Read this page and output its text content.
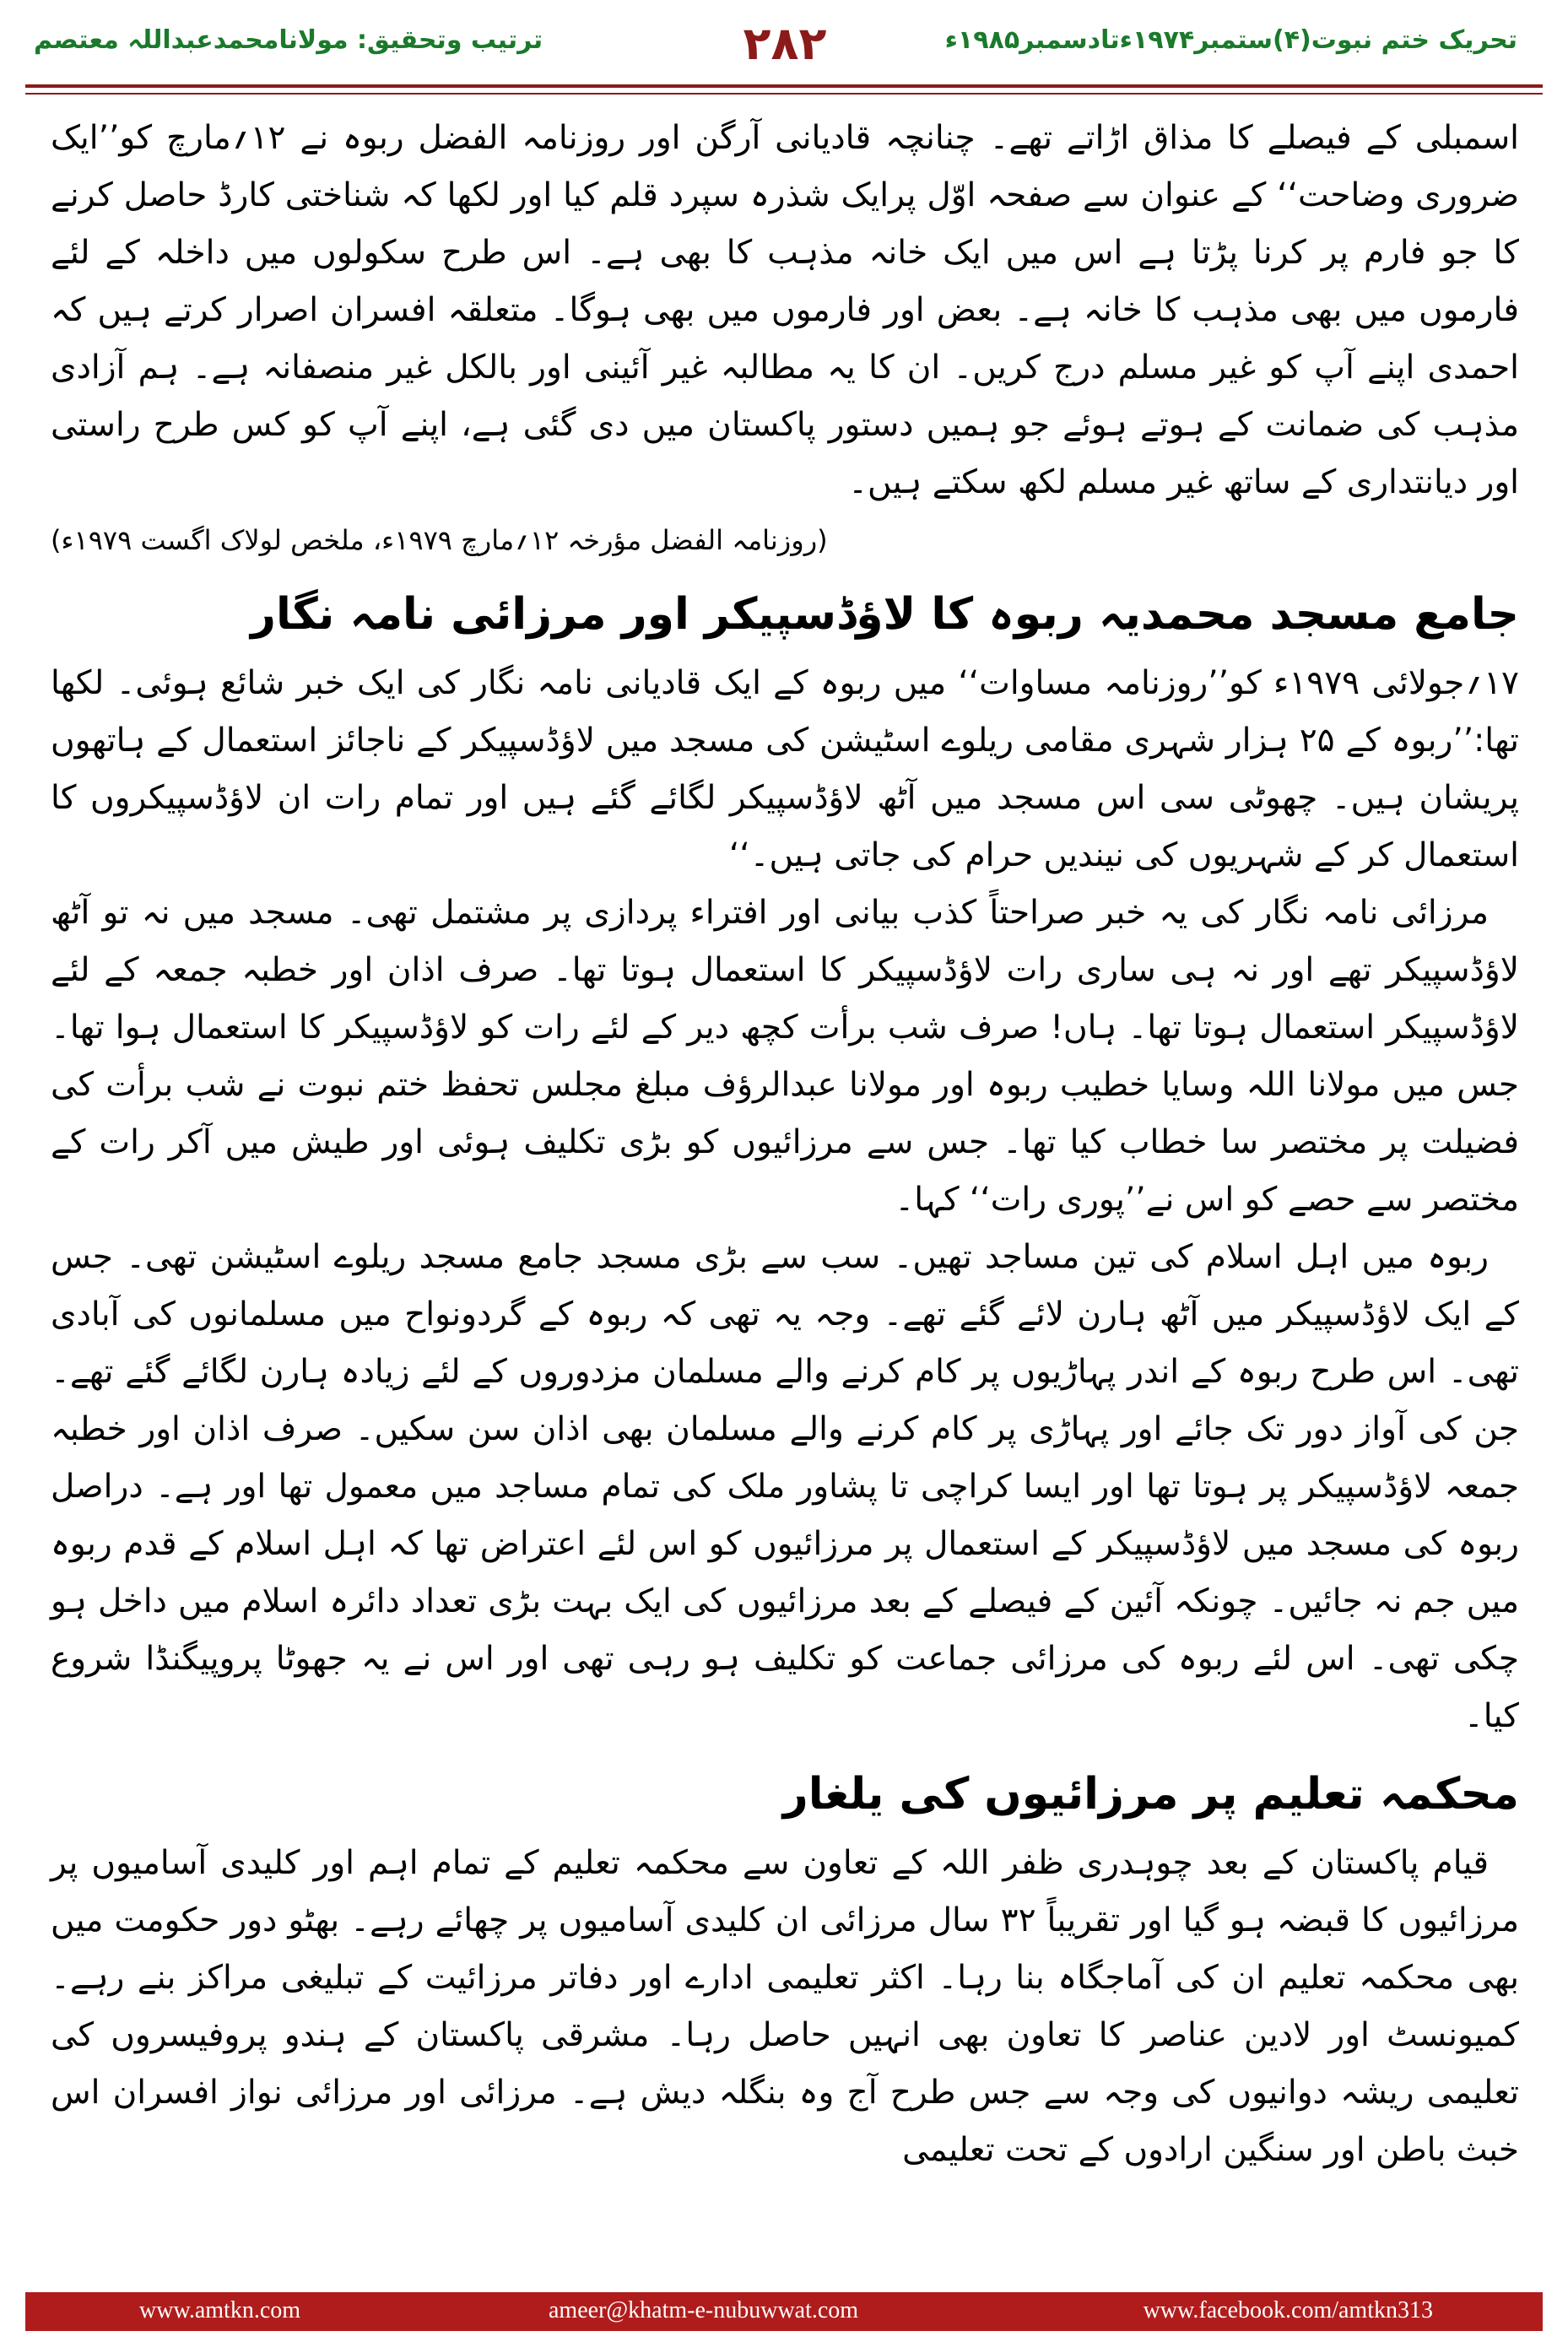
تحریک ختم نبوت(۴)ستمبر۱۹۷۴ءتادسمبر۱۹۸۵ء
۲۸۲
ترتیب وتحقیق: مولانامحمدعبداللہ معتصم

اسمبلی کے فیصلے کا مذاق اڑاتے تھے۔ چنانچہ قادیانی آرگن اور روزنامہ الفضل ربوہ نے ۱۲؍مارچ کو’’ایک ضروری وضاحت‘‘ کے عنوان سے صفحہ اوّل پرایک شذرہ سپرد قلم کیا اور لکھا کہ شناختی کارڈ حاصل کرنے کا جو فارم پر کرنا پڑتا ہے اس میں ایک خانہ مذہب کا بھی ہے۔ اس طرح سکولوں میں داخلہ کے لئے فارموں میں بھی مذہب کا خانہ ہے۔ بعض اور فارموں میں بھی ہوگا۔ متعلقہ افسران اصرار کرتے ہیں کہ احمدی اپنے آپ کو غیر مسلم درج کریں۔ ان کا یہ مطالبہ غیر آئینی اور بالکل غیر منصفانہ ہے۔ ہم آزادی مذہب کی ضمانت کے ہوتے ہوئے جو ہمیں دستور پاکستان میں دی گئی ہے، اپنے آپ کو کس طرح راستی اور دیانتداری کے ساتھ غیر مسلم لکھ سکتے ہیں۔

(روزنامہ الفضل مؤرخہ ۱۲؍مارچ ۱۹۷۹ء، ملخص لولاک اگست ۱۹۷۹ء)

جامع مسجد محمدیہ ربوہ کا لاؤڈسپیکر اور مرزائی نامہ نگار

۱۷؍جولائی ۱۹۷۹ء کو’’روزنامہ مساوات‘‘ میں ربوہ کے ایک قادیانی نامہ نگار کی ایک خبر شائع ہوئی۔ لکھا تھا:’’ربوہ کے ۲۵ ہزار شہری مقامی ریلوے اسٹیشن کی مسجد میں لاؤڈسپیکر کے ناجائز استعمال کے ہاتھوں پریشان ہیں۔ چھوٹی سی اس مسجد میں آٹھ لاؤڈسپیکر لگائے گئے ہیں اور تمام رات ان لاؤڈسپیکروں کا استعمال کر کے شہریوں کی نیندیں حرام کی جاتی ہیں۔‘‘

مرزائی نامہ نگار کی یہ خبر صراحتاً کذب بیانی اور افتراء پردازی پر مشتمل تھی۔ مسجد میں نہ تو آٹھ لاؤڈسپیکر تھے اور نہ ہی ساری رات لاؤڈسپیکر کا استعمال ہوتا تھا۔ صرف اذان اور خطبہ جمعہ کے لئے لاؤڈسپیکر استعمال ہوتا تھا۔ ہاں! صرف شب برأت کچھ دیر کے لئے رات کو لاؤڈسپیکر کا استعمال ہوا تھا۔ جس میں مولانا اللہ وسایا خطیب ربوہ اور مولانا عبدالرؤف مبلغ مجلس تحفظ ختم نبوت نے شب برأت کی فضیلت پر مختصر سا خطاب کیا تھا۔ جس سے مرزائیوں کو بڑی تکلیف ہوئی اور طیش میں آکر رات کے مختصر سے حصے کو اس نے’’پوری رات‘‘ کہا۔

ربوہ میں اہل اسلام کی تین مساجد تھیں۔ سب سے بڑی مسجد جامع مسجد ریلوے اسٹیشن تھی۔ جس کے ایک لاؤڈسپیکر میں آٹھ ہارن لائے گئے تھے۔ وجہ یہ تھی کہ ربوہ کے گردونواح میں مسلمانوں کی آبادی تھی۔ اس طرح ربوہ کے اندر پہاڑیوں پر کام کرنے والے مسلمان مزدوروں کے لئے زیادہ ہارن لگائے گئے تھے۔ جن کی آواز دور تک جائے اور پہاڑی پر کام کرنے والے مسلمان بھی اذان سن سکیں۔ صرف اذان اور خطبہ جمعہ لاؤڈسپیکر پر ہوتا تھا اور ایسا کراچی تا پشاور ملک کی تمام مساجد میں معمول تھا اور ہے۔ دراصل ربوہ کی مسجد میں لاؤڈسپیکر کے استعمال پر مرزائیوں کو اس لئے اعتراض تھا کہ اہل اسلام کے قدم ربوہ میں جم نہ جائیں۔ چونکہ آئین کے فیصلے کے بعد مرزائیوں کی ایک بہت بڑی تعداد دائرہ اسلام میں داخل ہو چکی تھی۔ اس لئے ربوہ کی مرزائی جماعت کو تکلیف ہو رہی تھی اور اس نے یہ جھوٹا پروپیگنڈا شروع کیا۔

محکمہ تعلیم پر مرزائیوں کی یلغار

قیام پاکستان کے بعد چوہدری ظفر اللہ کے تعاون سے محکمہ تعلیم کے تمام اہم اور کلیدی آسامیوں پر مرزائیوں کا قبضہ ہو گیا اور تقریباً ۳۲ سال مرزائی ان کلیدی آسامیوں پر چھائے رہے۔ بھٹو دور حکومت میں بھی محکمہ تعلیم ان کی آماجگاہ بنا رہا۔ اکثر تعلیمی ادارے اور دفاتر مرزائیت کے تبلیغی مراکز بنے رہے۔ کمیونسٹ اور لادین عناصر کا تعاون بھی انہیں حاصل رہا۔ مشرقی پاکستان کے ہندو پروفیسروں کی تعلیمی ریشہ دوانیوں کی وجہ سے جس طرح آج وہ بنگلہ دیش ہے۔ مرزائی اور مرزائی نواز افسران اس خبث باطن اور سنگین ارادوں کے تحت تعلیمی

www.amtkn.com	ameer@khatm-e-nubuwwat.com	www.facebook.com/amtkn313
